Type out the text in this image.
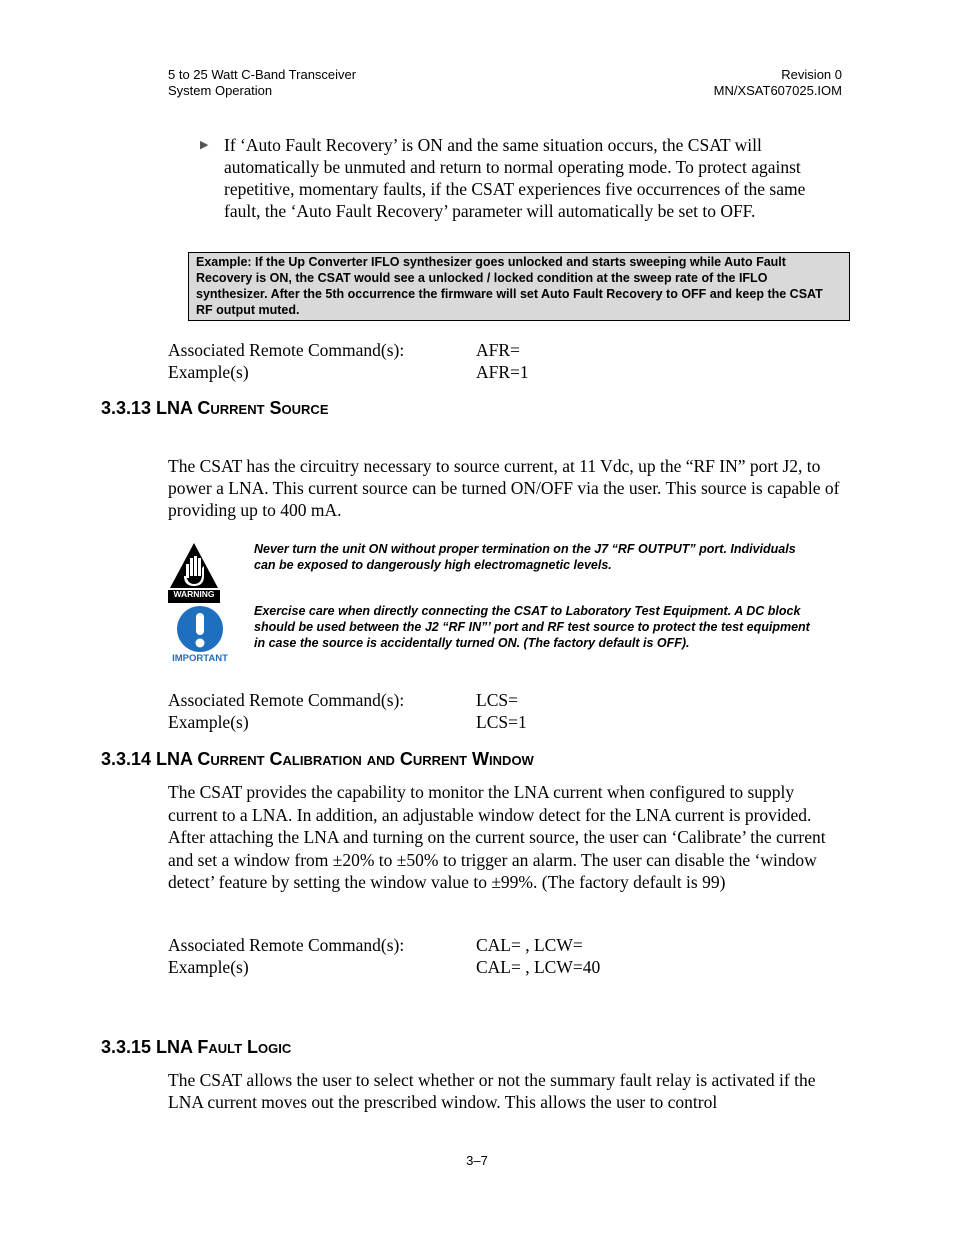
5 to 25 Watt C-Band Transceiver
System Operation
Revision 0
MN/XSAT607025.IOM
▶ If ‘Auto Fault Recovery’ is ON and the same situation occurs, the CSAT will automatically be unmuted and return to normal operating mode. To protect against repetitive, momentary faults, if the CSAT experiences five occurrences of the same fault, the ‘Auto Fault Recovery’ parameter will automatically be set to OFF.
Example: If the Up Converter IFLO synthesizer goes unlocked and starts sweeping while Auto Fault Recovery is ON, the CSAT would see a unlocked / locked condition at the sweep rate of the IFLO synthesizer. After the 5th occurrence the firmware will set Auto Fault Recovery to OFF and keep the CSAT RF output muted.
Associated Remote Command(s):	AFR=
Example(s)	AFR=1
3.3.13 LNA Current Source
The CSAT has the circuitry necessary to source current, at 11 Vdc, up the “RF IN” port J2, to power a LNA. This current source can be turned ON/OFF via the user. This source is capable of providing up to 400 mA.
WARNING
Never turn the unit ON without proper termination on the J7 “RF OUTPUT” port. Individuals can be exposed to dangerously high electromagnetic levels.
IMPORTANT
Exercise care when directly connecting the CSAT to Laboratory Test Equipment. A DC block should be used between the J2 “RF IN”’ port and RF test source to protect the test equipment in case the source is accidentally turned ON. (The factory default is OFF).
Associated Remote Command(s):	LCS=
Example(s)	LCS=1
3.3.14 LNA Current Calibration and Current Window
The CSAT provides the capability to monitor the LNA current when configured to supply current to a LNA. In addition, an adjustable window detect for the LNA current is provided. After attaching the LNA and turning on the current source, the user can ‘Calibrate’ the current and set a window from ±20% to ±50% to trigger an alarm. The user can disable the ‘window detect’ feature by setting the window value to ±99%. (The factory default is 99)
Associated Remote Command(s):	CAL= , LCW=
Example(s)	CAL= , LCW=40
3.3.15 LNA Fault Logic
The CSAT allows the user to select whether or not the summary fault relay is activated if the LNA current moves out the prescribed window. This allows the user to control
3–7
